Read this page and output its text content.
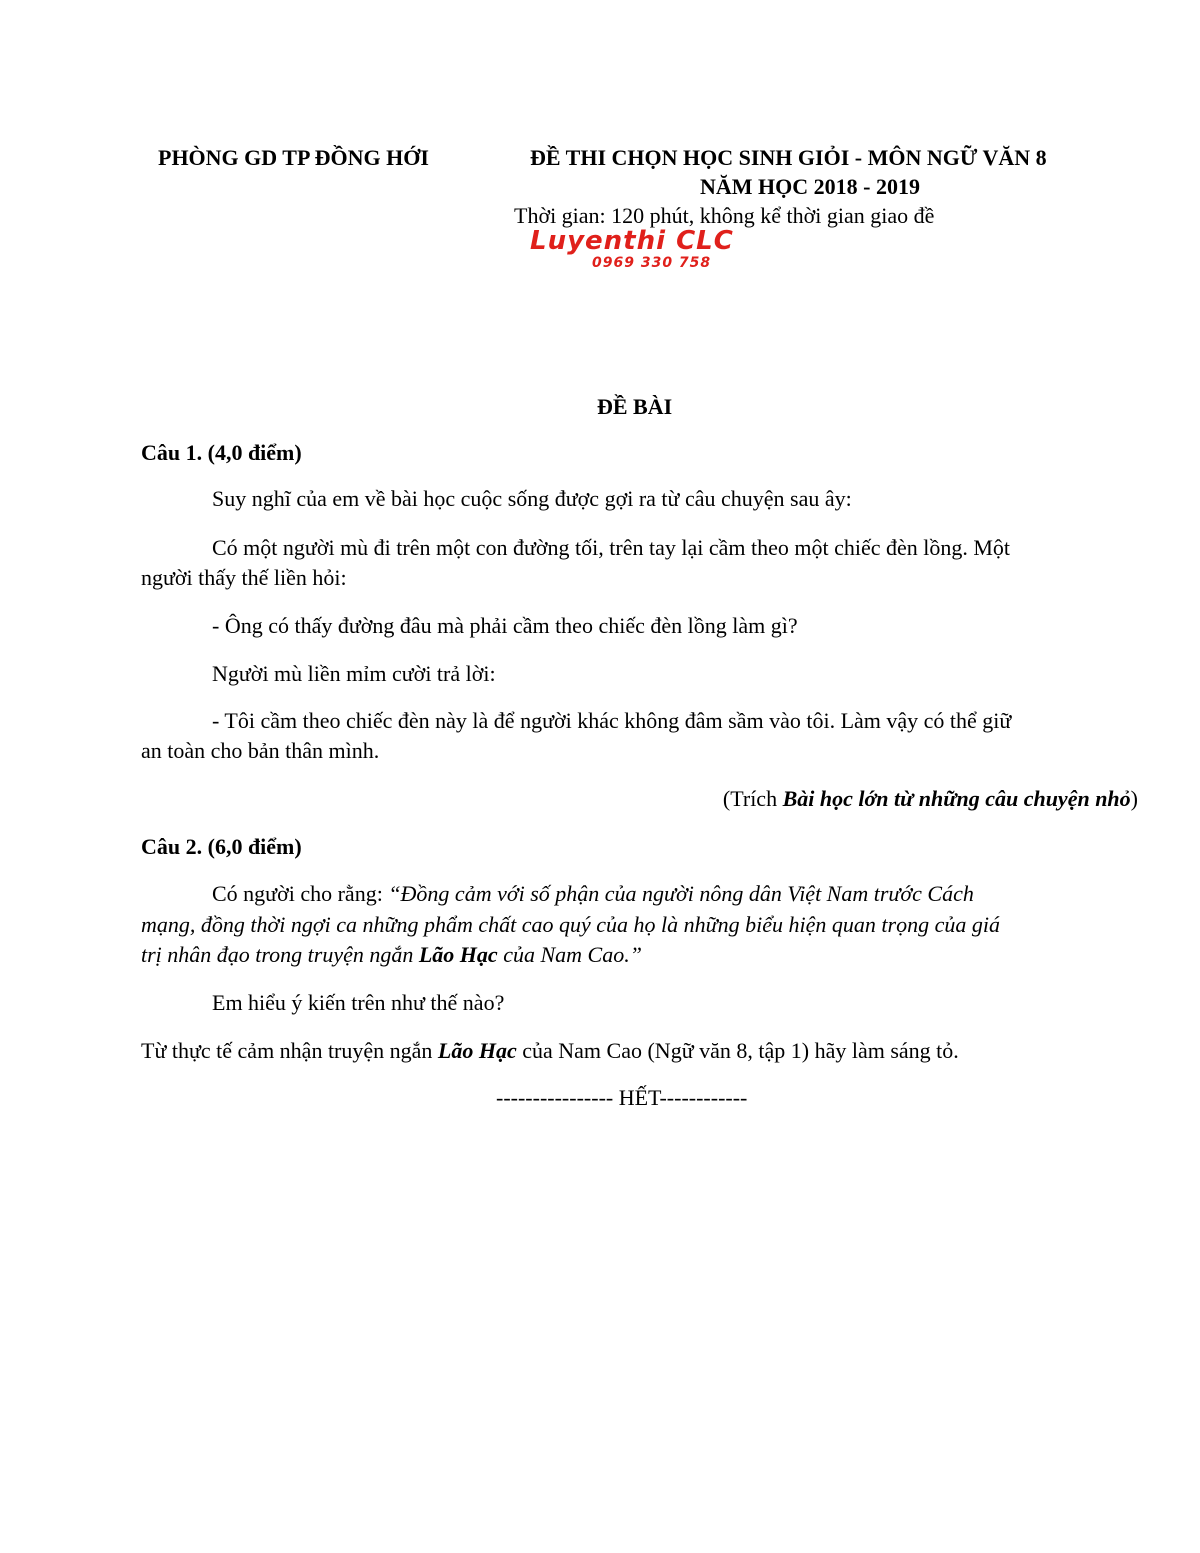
PHÒNG GD TP ĐỒNG HỚI	ĐỀ THI CHỌN HỌC SINH GIỎI - MÔN NGỮ VĂN 8
NĂM HỌC 2018 - 2019
Thời gian: 120 phút, không kể thời gian giao đề
Luyenthi CLC
0969 330 758
ĐỀ BÀI
Câu 1. (4,0 điểm)
Suy nghĩ của em về bài học cuộc sống được gợi ra từ câu chuyện sau ây:
Có một người mù đi trên một con đường tối, trên tay lại cầm theo một chiếc đèn lồng. Một
người thấy thế liền hỏi:
- Ông có thấy đường đâu mà phải cầm theo chiếc đèn lồng làm gì?
Người mù liền mỉm cười trả lời:
- Tôi cầm theo chiếc đèn này là để người khác không đâm sầm vào tôi. Làm vậy có thể giữ
an toàn cho bản thân mình.
(Trích Bài học lớn từ những câu chuyện nhỏ)
Câu 2. (6,0 điểm)
Có người cho rằng: “Đồng cảm với số phận của người nông dân Việt Nam trước Cách
mạng, đồng thời ngợi ca những phẩm chất cao quý của họ là những biểu hiện quan trọng của giá
trị nhân đạo trong truyện ngắn Lão Hạc của Nam Cao.”
Em hiểu ý kiến trên như thế nào?
Từ thực tế cảm nhận truyện ngắn Lão Hạc của Nam Cao (Ngữ văn 8, tập 1) hãy làm sáng tỏ.
---------------- HẾT------------
